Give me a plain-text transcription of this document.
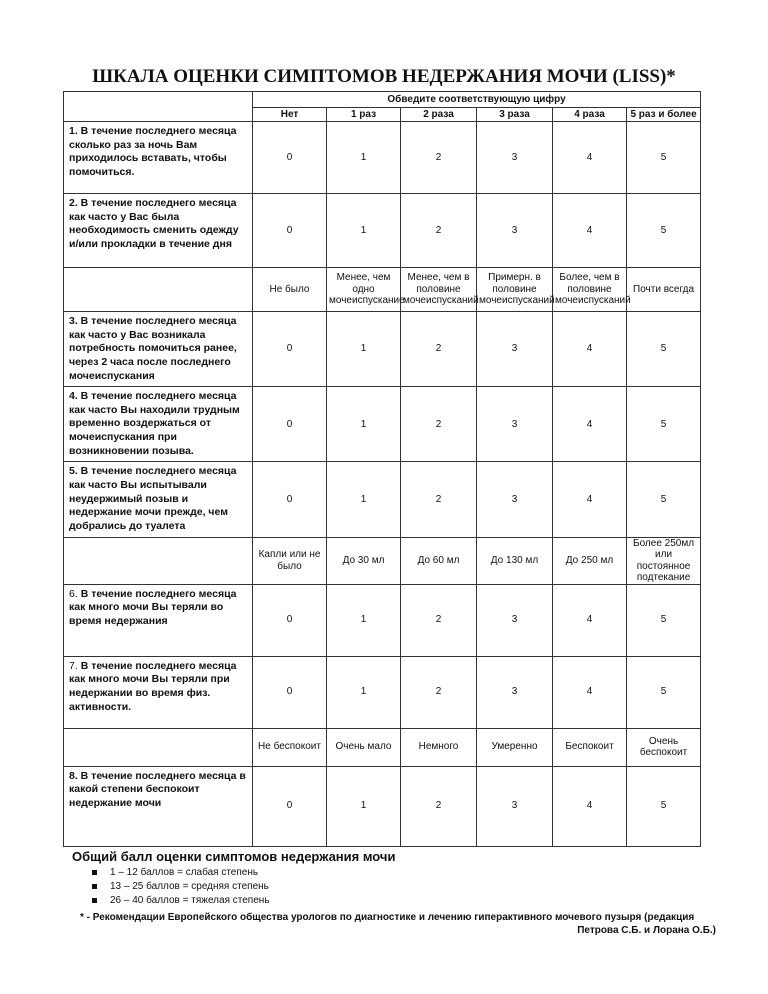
ШКАЛА ОЦЕНКИ СИМПТОМОВ НЕДЕРЖАНИЯ МОЧИ (LISS)*
	Обведите соответствующую цифру					
	Нет	1 раз	2 раза	3 раза	4 раза	5 раз и более
1. В течение последнего месяца сколько раз за ночь Вам приходилось вставать, чтобы помочиться.	0	1	2	3	4	5
2. В течение последнего месяца как часто у Вас была необходимость сменить одежду и/или прокладки в течение дня	0	1	2	3	4	5
	Не было	Менее, чем одно мочеиспускание	Менее, чем в половине мочеиспусканий	Примерн. в половине мочеиспусканий	Более, чем в половине мочеиспусканий	Почти всегда
3. В течение последнего месяца как часто у Вас возникала потребность помочиться ранее, через 2 часа после последнего мочеиспускания	0	1	2	3	4	5
4. В течение последнего месяца как часто Вы находили трудным временно воздержаться от мочеиспускания при возникновении позыва.	0	1	2	3	4	5
5. В течение последнего месяца как часто Вы испытывали неудержимый позыв и недержание мочи прежде, чем добрались до туалета	0	1	2	3	4	5
	Капли или не было	До 30 мл	До 60 мл	До 130 мл	До 250 мл	Более 250мл или постоянное подтекание
6. В течение последнего месяца как много мочи Вы теряли во время недержания	0	1	2	3	4	5
7. В течение последнего месяца как много мочи Вы теряли при недержании во время физ. активности.	0	1	2	3	4	5
	Не беспокоит	Очень мало	Немного	Умеренно	Беспокоит	Очень беспокоит
8. В течение последнего месяца в какой степени беспокоит недержание мочи	0	1	2	3	4	5
Общий балл оценки симптомов недержания мочи
1 – 12 баллов = слабая степень
13 – 25 баллов = средняя степень
26 – 40 баллов = тяжелая степень
* - Рекомендации Европейского общества урологов по диагностике и лечению гиперактивного мочевого пузыря (редакция
Петрова С.Б. и Лорана О.Б.)
